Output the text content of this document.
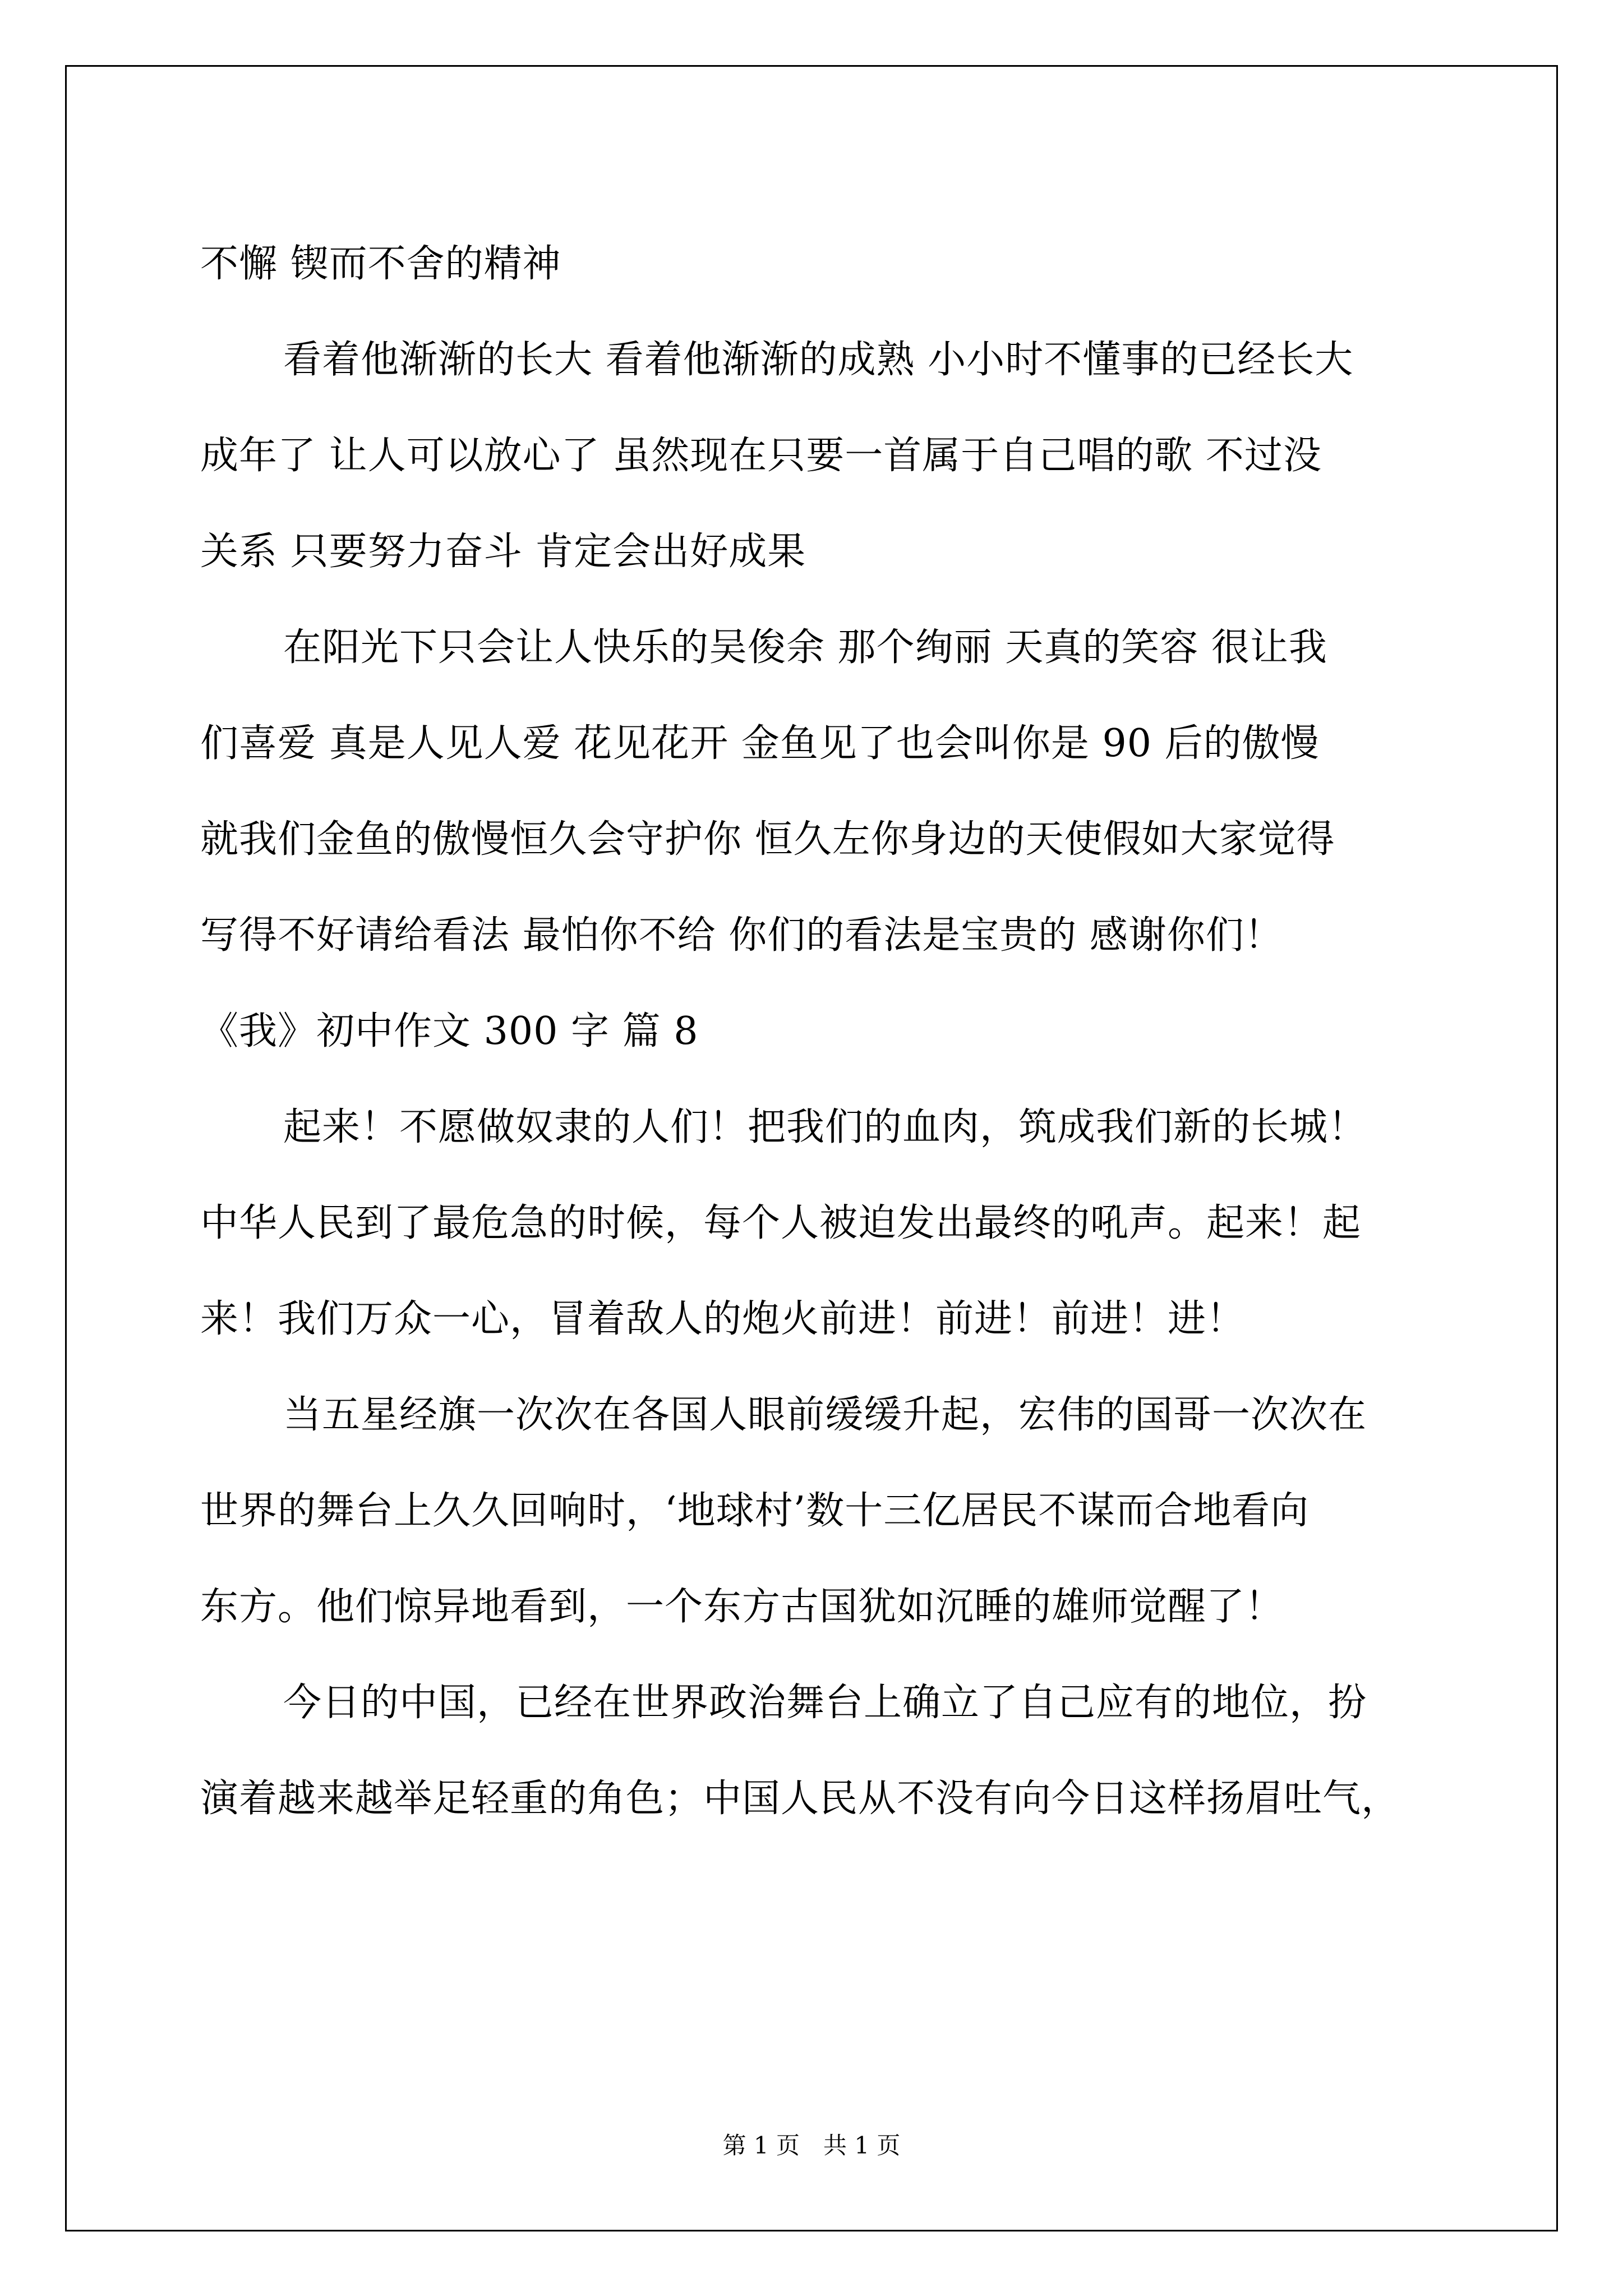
不懈 锲而不舍的精神
看着他渐渐的长大 看着他渐渐的成熟 小小时不懂事的已经长大
成年了 让人可以放心了 虽然现在只要一首属于自己唱的歌 不过没
关系 只要努力奋斗 肯定会出好成果
在阳光下只会让人快乐的吴俊余 那个绚丽 天真的笑容 很让我
们喜爱 真是人见人爱 花见花开 金鱼见了也会叫你是 90 后的傲慢
就我们金鱼的傲慢恒久会守护你 恒久左你身边的天使假如大家觉得
写得不好请给看法 最怕你不给 你们的看法是宝贵的 感谢你们！
《我》初中作文 300 字 篇 8
起来！不愿做奴隶的人们！把我们的血肉，筑成我们新的长城！
中华人民到了最危急的时候，每个人被迫发出最终的吼声。起来！起
来！我们万众一心，冒着敌人的炮火前进！前进！前进！进！
当五星经旗一次次在各国人眼前缓缓升起，宏伟的国哥一次次在
世界的舞台上久久回响时，‘地球村’数十三亿居民不谋而合地看向
东方。他们惊异地看到，一个东方古国犹如沉睡的雄师觉醒了！
今日的中国，已经在世界政治舞台上确立了自己应有的地位，扮
演着越来越举足轻重的角色；中国人民从不没有向今日这样扬眉吐气，
第 1 页　共 1 页
